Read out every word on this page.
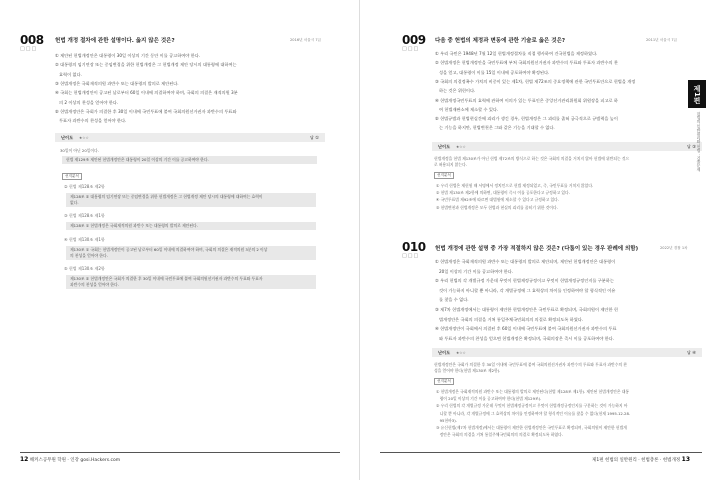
008
□□□
헌법 개정 절차에 관한 설명이다. 옳지 않은 것은?	2016년 서울시 7급
① 제안된 헌법개정안은 대통령이 30일 이상의 기간 동안 이를 공고하여야 한다.
② 대통령의 임기연장 또는 중임변경을 위한 헌법개정은 그 헌법개정 제안 당시의 대통령에 대하여는
효력이 없다.
③ 헌법개정은 국회재적의원 과반수 또는 대통령의 발의로 제안된다.
④ 국회는 헌법개정안이 공고된 날로부터 60일 이내에 의결하여야 하며, 국회의 의결은 재적의원 3분
의 2 이상의 찬성을 얻어야 한다.
⑤ 헌법개정안은 국회가 의결한 후 30일 이내에 국민투표에 붙여 국회의원선거권자 과반수의 투표와
투표자 과반수의 찬성을 얻어야 한다.
난이도 ★☆☆	답 ①
30일이 아닌 20일이다.
헌법 제129조 제안된 헌법개정안은 대통령이 20일 이상의 기간 이를 공고하여야 한다.
선지분석
② 헌법 제128조 제2항
제128조 ② 대통령의 임기연장 또는 중임변경을 위한 헌법개정은 그 헌법개정 제안 당시의 대통령에 대하여는 효력이
없다.
③ 헌법 제128조 제1항
제128조 ① 헌법개정은 국회재적의원 과반수 또는 대통령의 발의로 제안된다.
④ 헌법 제130조 제1항
제130조 ① 국회는 헌법개정안이 공고된 날로부터 60일 이내에 의결하여야 하며, 국회의 의결은 재적의원 3분의 2 이상
의 찬성을 얻어야 한다.
⑤ 헌법 제130조 제2항
제130조 ② 헌법개정안은 국회가 의결한 후 30일 이내에 국민투표에 붙여 국회의원선거권자 과반수의 투표와 투표자
과반수의 찬성을 얻어야 한다.
12 해커스공무원 학원 · 인강 gosi.Hackers.com
009
□□□
다음 중 헌법의 제정과 변동에 관한 기술로 옳은 것은?	2011년 서울시 7급
① 우리 국민은 1948년 7월 12일 헌법개정절차를 직접 행사하여 건국헌법을 제정하였다.
② 헌법개정은 헌법개정안을 국민투표에 부쳐 국회의원선거권자 과반수의 투표와 투표자 과반수의 찬
성을 얻고, 대통령이 이를 15일 이내에 공포하여야 확정된다.
③ 국회의 의결정족수 가치의 비중이 있는 제1차, 헌법 제72조의 중요정책에 관한 국민투표안으로 헌법을 개정
하는 것은 위헌이다.
④ 헌법개정국민투표의 효력에 관하여 이의가 있는 투표인은 중앙선거관리위원회 위원장을 피고로 하
여 헌법재판소에 제소할 수 있다.
⑤ 헌법규범과 헌법현실간에 괴리가 생긴 경우, 헌법개정은 그 괴리를 좁혀 궁극적으로 규범력을 높이
는 기능을 하지만, 헌법변천은 그와 같은 기능을 기대할 수 없다.
난이도 ★☆☆	답 ③
헌법개정을 헌법 제130조가 아닌 헌법 제72조의 방식으로 하는 것은 국회의 의결을 거치지 않아 헌법에 위반되는 것으
로 허용되지 않는다.
선지분석
① 우리 헌법은 제헌원 때 서명에서 정치인으로 헌법 제정되었고, 즉, 국민투표를 거치지 않았다.
② 헌법 제130조 제2항에 의하면, 대통령이 즉시 이를 공포한다고 규정하고 있다.
④ 국민투표법 제92조에 따르면 대법원에 제소할 수 있다고 규정하고 있다.
⑤ 헌법변천과 헌법개정은 모두 헌법과 현실의 괴리를 좁히기 위한 것이다.
010
□□□
헌법 개정에 관한 설명 중 가장 적절하지 않은 것은? (다툼이 있는 경우 판례에 의함)	2022년 경찰 1차
① 헌법개정은 국회재적의원 과반수 또는 대통령의 발의로 제안되며, 제안된 헌법개정안은 대통령이
20일 이상의 기간 이를 공고하여야 한다.
② 우리 헌법의 각 개별규정 가운데 무엇이 헌법제정규정이고 무엇이 헌법개정규정인지를 구분하는
것이 가능하지 아니할 뿐 아니라, 각 개별규정에 그 효력상의 차이를 인정하여야 할 형식적인 이유
를 찾을 수 없다.
③ 제7차 헌법개정에서는 대통령이 제안한 헌법개정안은 국민투표로 확정되며, 국회의원이 제안한 헌
법개정안은 국회의 의결을 거쳐 통일주체국민회의의 의결로 확정되도록 하였다.
④ 헌법개정안이 국회에서 의결된 후 60일 이내에 국민투표에 붙여 국회의원선거권자 과반수의 투표
와 투표자 과반수의 찬성을 얻으면 헌법개정은 확정되며, 국회의장은 즉시 이를 공포하여야 한다.
난이도 ★☆☆	답 ④
헌법개정안은 국회가 의결한 후 30일 이내에 국민투표에 붙여 국회의원선거권자 과반수의 투표와 투표자 과반수의 찬
성을 얻어야 한다(헌법 제130조 제2항).
선지분석
① 헌법개정은 국회재적의원 과반수 또는 대통령의 발의로 제안된다(헌법 제128조 제1항). 제안된 헌법개정안은 대통
령이 20일 이상의 기간 이를 공고하여야 한다(헌법 제129조).
② 우리 헌법의 각 개별규정 가운데 무엇이 헌법제정규정이고 무엇이 헌법개정규정인지를 구분하는 것이 가능하지 아
니할 뿐 아니라, 각 개별규정에 그 효력상의 차이를 인정하여야 할 형식적인 이유를 찾을 수 없다(헌재 1995.12.28.
95헌바3).
③ 유신헌법(제7차 헌법개정)에서는 대통령이 제안한 헌법개정안은 국민투표로 확정되며, 국회의원이 제안한 헌법개
정안은 국회의 의결을 거쳐 통일주체국민회의의 의결로 확정되도록 하였다.
제1편 헌법의 일반원리 · 헌법총론 · 헌법개정 13
제1편
헌법의 일반원리와 헌법 · 기출문제
